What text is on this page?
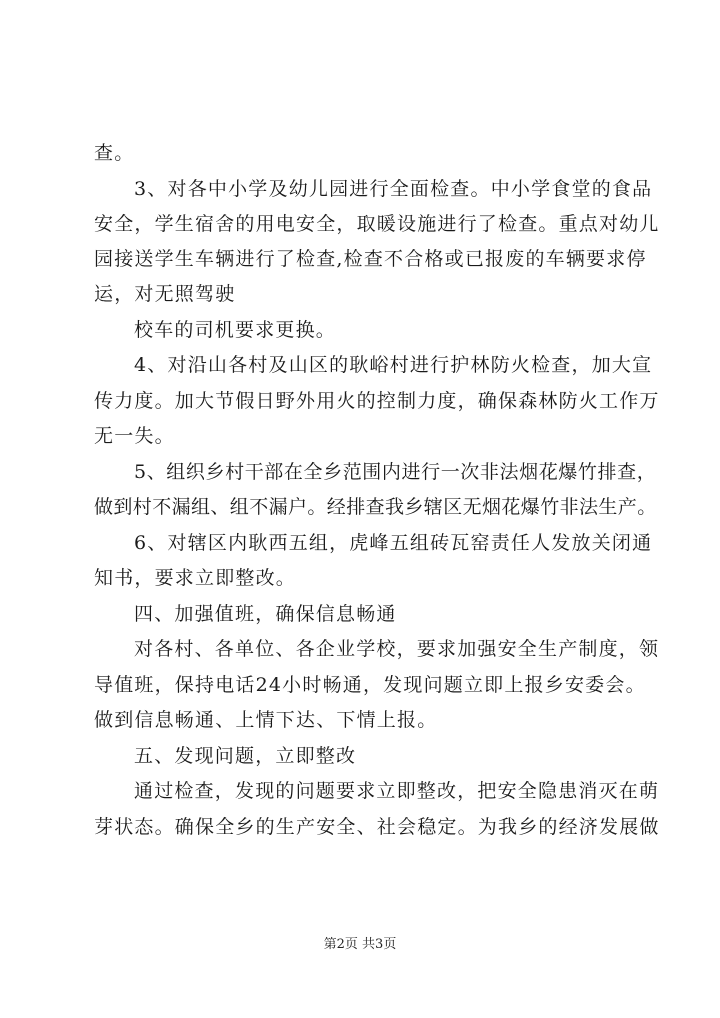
查。
3、对各中小学及幼儿园进行全面检查。中小学食堂的食品
安全，学生宿舍的用电安全，取暖设施进行了检查。重点对幼儿
园接送学生车辆进行了检查,检查不合格或已报废的车辆要求停
运，对无照驾驶
校车的司机要求更换。
4、对沿山各村及山区的耿峪村进行护林防火检查，加大宣
传力度。加大节假日野外用火的控制力度，确保森林防火工作万
无一失。
5、组织乡村干部在全乡范围内进行一次非法烟花爆竹排查，
做到村不漏组、组不漏户。经排查我乡辖区无烟花爆竹非法生产。
6、对辖区内耿西五组，虎峰五组砖瓦窑责任人发放关闭通
知书，要求立即整改。
四、加强值班，确保信息畅通
对各村、各单位、各企业学校，要求加强安全生产制度，领
导值班，保持电话24小时畅通，发现问题立即上报乡安委会。
做到信息畅通、上情下达、下情上报。
五、发现问题，立即整改
通过检查，发现的问题要求立即整改，把安全隐患消灭在萌
芽状态。确保全乡的生产安全、社会稳定。为我乡的经济发展做
第2页 共3页
